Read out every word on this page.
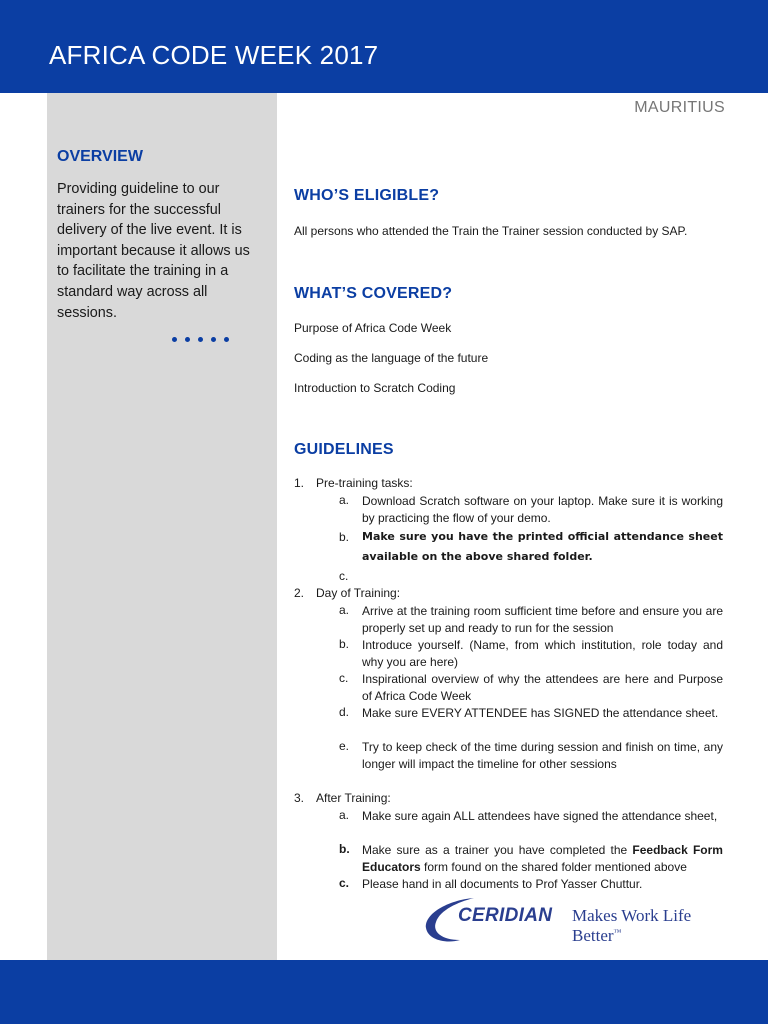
AFRICA CODE WEEK 2017
OVERVIEW

Providing guideline to our trainers for the successful delivery of the live event. It is important because it allows us to facilitate the training in a standard way across all sessions.

MAURITIUS
WHO’S ELIGIBLE?

All persons who attended the Train the Trainer session conducted by SAP.

WHAT’S COVERED?

Purpose of Africa Code Week

Coding as the language of the future

Introduction to Scratch Coding

GUIDELINES
1. Pre-training tasks:
a. Download Scratch software on your laptop. Make sure it is working by practicing the flow of your demo.
b. Make sure you have the printed official attendance sheet available on the above shared folder.
c.
2. Day of Training:
a. Arrive at the training room sufficient time before and ensure you are properly set up and ready to run for the session
b. Introduce yourself. (Name, from which institution, role today and why you are here)
c. Inspirational overview of why the attendees are here and Purpose of Africa Code Week
d. Make sure EVERY ATTENDEE has SIGNED the attendance sheet.
e. Try to keep check of the time during session and finish on time, any longer will impact the timeline for other sessions
3. After Training:
a. Make sure again ALL attendees have signed the attendance sheet,
b. Make sure as a trainer you have completed the Feedback Form Educators form found on the shared folder mentioned above
c. Please hand in all documents to Prof Yasser Chuttur.
CERIDIAN Makes Work Life Better™
